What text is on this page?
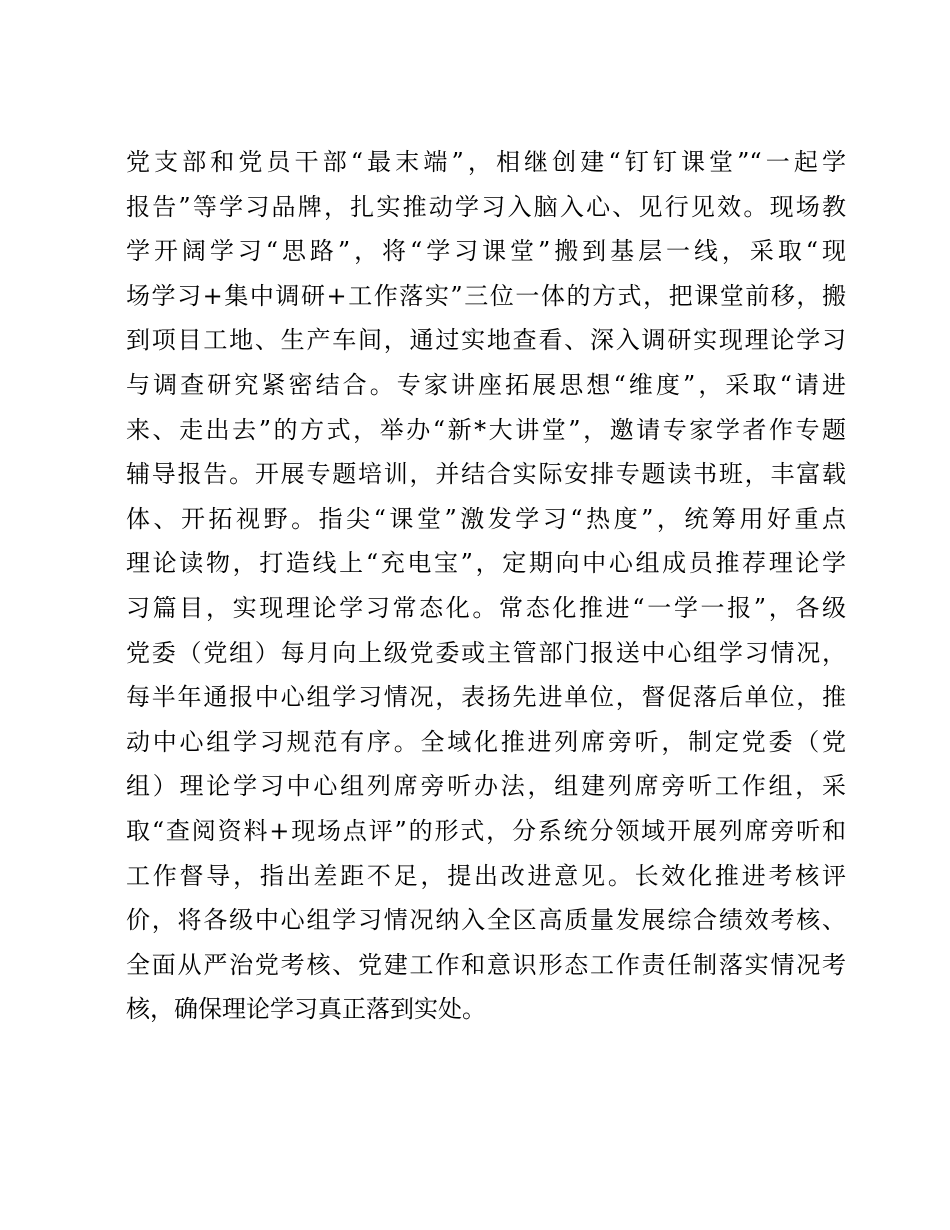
党支部和党员干部“最末端”，相继创建“钉钉课堂”“一起学
报告”等学习品牌，扎实推动学习入脑入心、见行见效。现场教
学开阔学习“思路”，将“学习课堂”搬到基层一线，采取“现
场学习+集中调研+工作落实”三位一体的方式，把课堂前移，搬
到项目工地、生产车间，通过实地查看、深入调研实现理论学习
与调查研究紧密结合。专家讲座拓展思想“维度”，采取“请进
来、走出去”的方式，举办“新*大讲堂”，邀请专家学者作专题
辅导报告。开展专题培训，并结合实际安排专题读书班，丰富载
体、开拓视野。指尖“课堂”激发学习“热度”，统筹用好重点
理论读物，打造线上“充电宝”，定期向中心组成员推荐理论学
习篇目，实现理论学习常态化。常态化推进“一学一报”，各级
党委（党组）每月向上级党委或主管部门报送中心组学习情况，
每半年通报中心组学习情况，表扬先进单位，督促落后单位，推
动中心组学习规范有序。全域化推进列席旁听，制定党委（党
组）理论学习中心组列席旁听办法，组建列席旁听工作组，采
取“查阅资料+现场点评”的形式，分系统分领域开展列席旁听和
工作督导，指出差距不足，提出改进意见。长效化推进考核评
价，将各级中心组学习情况纳入全区高质量发展综合绩效考核、
全面从严治党考核、党建工作和意识形态工作责任制落实情况考
核，确保理论学习真正落到实处。
